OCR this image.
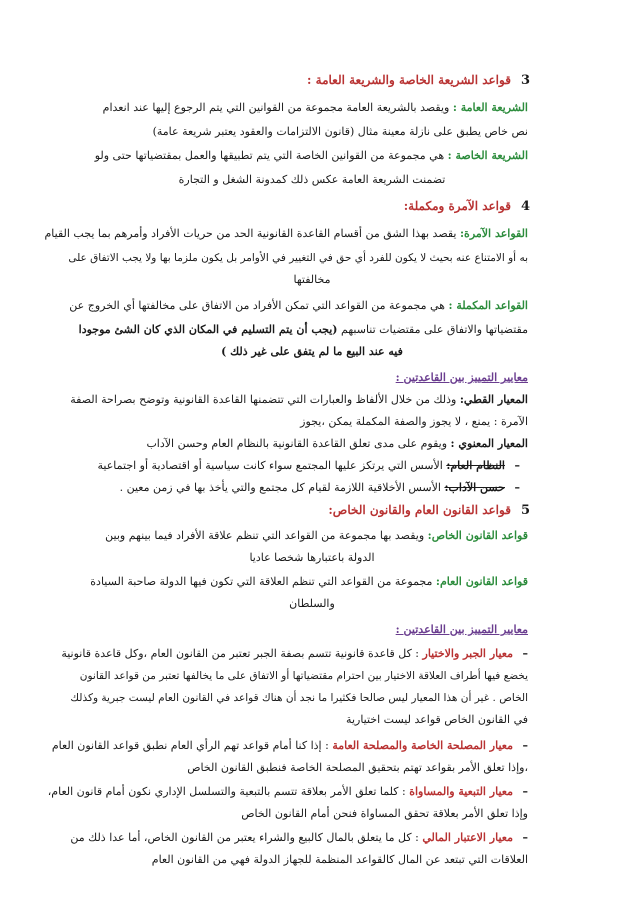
3قواعد الشريعة الخاصة والشريعة العامة :
الشريعة العامة : ويقصد بالشريعة العامة مجموعة من القوانين التي يتم الرجوع إليها عند انعدام
نص خاص يطبق على نازلة معينة مثال (قانون الالتزامات والعقود يعتبر شريعة عامة)
الشريعة الخاصة : هي مجموعة من القوانين الخاصة التي يتم تطبيقها والعمل بمقتضياتها حتى ولو
تضمنت الشريعة العامة عكس ذلك كمدونة الشغل و التجارة
4قواعد الآمرة ومكملة:
القواعد الآمرة: يقصد بهذا الشق من أقسام القاعدة القانونية الحد من حريات الأفراد وأمرهم بما يجب القيام
به أو الامتناع عنه بحيث لا يكون للفرد أي حق في التغيير في الأوامر بل يكون ملزما بها ولا يجب الاتفاق على
مخالفتها
القواعد المكملة : هي مجموعة من القواعد التي تمكن الأفراد من الاتفاق على مخالفتها أي الخروج عن
مقتضياتها والاتفاق على مقتضيات تناسبهم (يجب أن يتم التسليم في المكان الذي كان الشئ موجودا
فيه عند البيع ما لم يتفق على غير ذلك )
معايير التمييز بين القاعدتين :
المعيار القطي: وذلك من خلال الألفاظ والعبارات التي تتضمنها القاعدة القانونية وتوضح بصراحة الصفة
الآمرة : يمنع ، لا يجوز والصفة المكملة يمكن ،يجوز
المعيار المعنوي : ويقوم على مدى تعلق القاعدة القانونية بالنظام العام وحسن الآداب
– النظام العام: الأسس التي يرتكز عليها المجتمع سواء كانت سياسية أو اقتصادية أو اجتماعية
– حسن الآداب: الأسس الأخلاقية اللازمة لقيام كل مجتمع والتي يأخذ بها في زمن معين .
5قواعد القانون العام والقانون الخاص:
قواعد القانون الخاص: ويقصد بها مجموعة من القواعد التي تنظم علاقة الأفراد فيما بينهم وبين
الدولة باعتبارها شخصا عاديا
قواعد القانون العام: مجموعة من القواعد التي تنظم العلاقة التي تكون فيها الدولة صاحبة السيادة
والسلطان
معايير التمييز بين القاعدتين :
– معيار الجبر والاختيار : كل قاعدة قانونية تتسم بصفة الجبر تعتبر من القانون العام ،وكل قاعدة قانونية
يخضع فيها أطراف العلاقة الاختيار بين احترام مقتضياتها أو الاتفاق على ما يخالفها تعتبر من قواعد القانون
الخاص . غير أن هذا المعيار ليس صالحا فكثيرا ما نجد أن هناك قواعد في القانون العام ليست جبرية وكذلك
في القانون الخاص قواعد ليست اختيارية
– معيار المصلحة الخاصة والمصلحة العامة : إذا كنا أمام قواعد تهم الرأي العام نطبق قواعد القانون العام
،وإذا تعلق الأمر بقواعد تهتم بتحقيق المصلحة الخاصة فنطبق القانون الخاص
– معيار التبعية والمساواة : كلما تعلق الأمر بعلاقة تتسم بالتبعية والتسلسل الإداري نكون أمام قانون العام،
وإذا تعلق الأمر بعلاقة تحقق المساواة فنحن أمام القانون الخاص
– معيار الاعتبار المالي : كل ما يتعلق بالمال كالبيع والشراء يعتبر من القانون الخاص، أما عدا ذلك من
العلاقات التي تبتعد عن المال كالقواعد المنظمة للجهاز الدولة فهي من القانون العام
